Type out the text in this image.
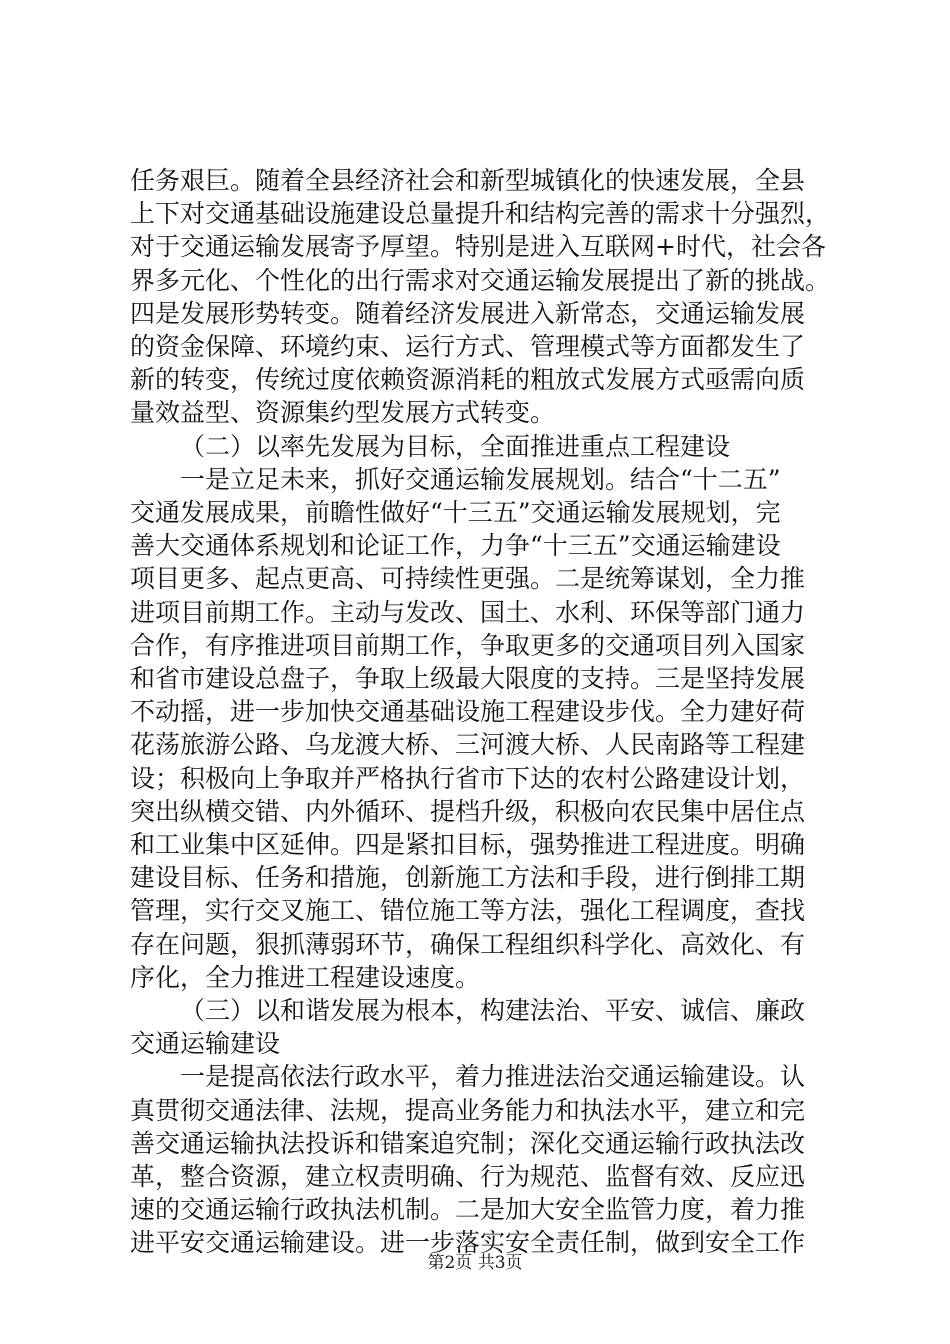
任务艰巨。随着全县经济社会和新型城镇化的快速发展，全县
上下对交通基础设施建设总量提升和结构完善的需求十分强烈，
对于交通运输发展寄予厚望。特别是进入互联网+时代，社会各
界多元化、个性化的出行需求对交通运输发展提出了新的挑战。
四是发展形势转变。随着经济发展进入新常态，交通运输发展
的资金保障、环境约束、运行方式、管理模式等方面都发生了
新的转变，传统过度依赖资源消耗的粗放式发展方式亟需向质
量效益型、资源集约型发展方式转变。
（二）以率先发展为目标，全面推进重点工程建设
一是立足未来，抓好交通运输发展规划。结合“十二五”
交通发展成果，前瞻性做好“十三五”交通运输发展规划，完
善大交通体系规划和论证工作，力争“十三五”交通运输建设
项目更多、起点更高、可持续性更强。二是统筹谋划，全力推
进项目前期工作。主动与发改、国土、水利、环保等部门通力
合作，有序推进项目前期工作，争取更多的交通项目列入国家
和省市建设总盘子，争取上级最大限度的支持。三是坚持发展
不动摇，进一步加快交通基础设施工程建设步伐。全力建好荷
花荡旅游公路、乌龙渡大桥、三河渡大桥、人民南路等工程建
设；积极向上争取并严格执行省市下达的农村公路建设计划，
突出纵横交错、内外循环、提档升级，积极向农民集中居住点
和工业集中区延伸。四是紧扣目标，强势推进工程进度。明确
建设目标、任务和措施，创新施工方法和手段，进行倒排工期
管理，实行交叉施工、错位施工等方法，强化工程调度，查找
存在问题，狠抓薄弱环节，确保工程组织科学化、高效化、有
序化，全力推进工程建设速度。
（三）以和谐发展为根本，构建法治、平安、诚信、廉政
交通运输建设
一是提高依法行政水平，着力推进法治交通运输建设。认
真贯彻交通法律、法规，提高业务能力和执法水平，建立和完
善交通运输执法投诉和错案追究制；深化交通运输行政执法改
革，整合资源，建立权责明确、行为规范、监督有效、反应迅
速的交通运输行政执法机制。二是加大安全监管力度，着力推
进平安交通运输建设。进一步落实安全责任制，做到安全工作
第2页 共3页
